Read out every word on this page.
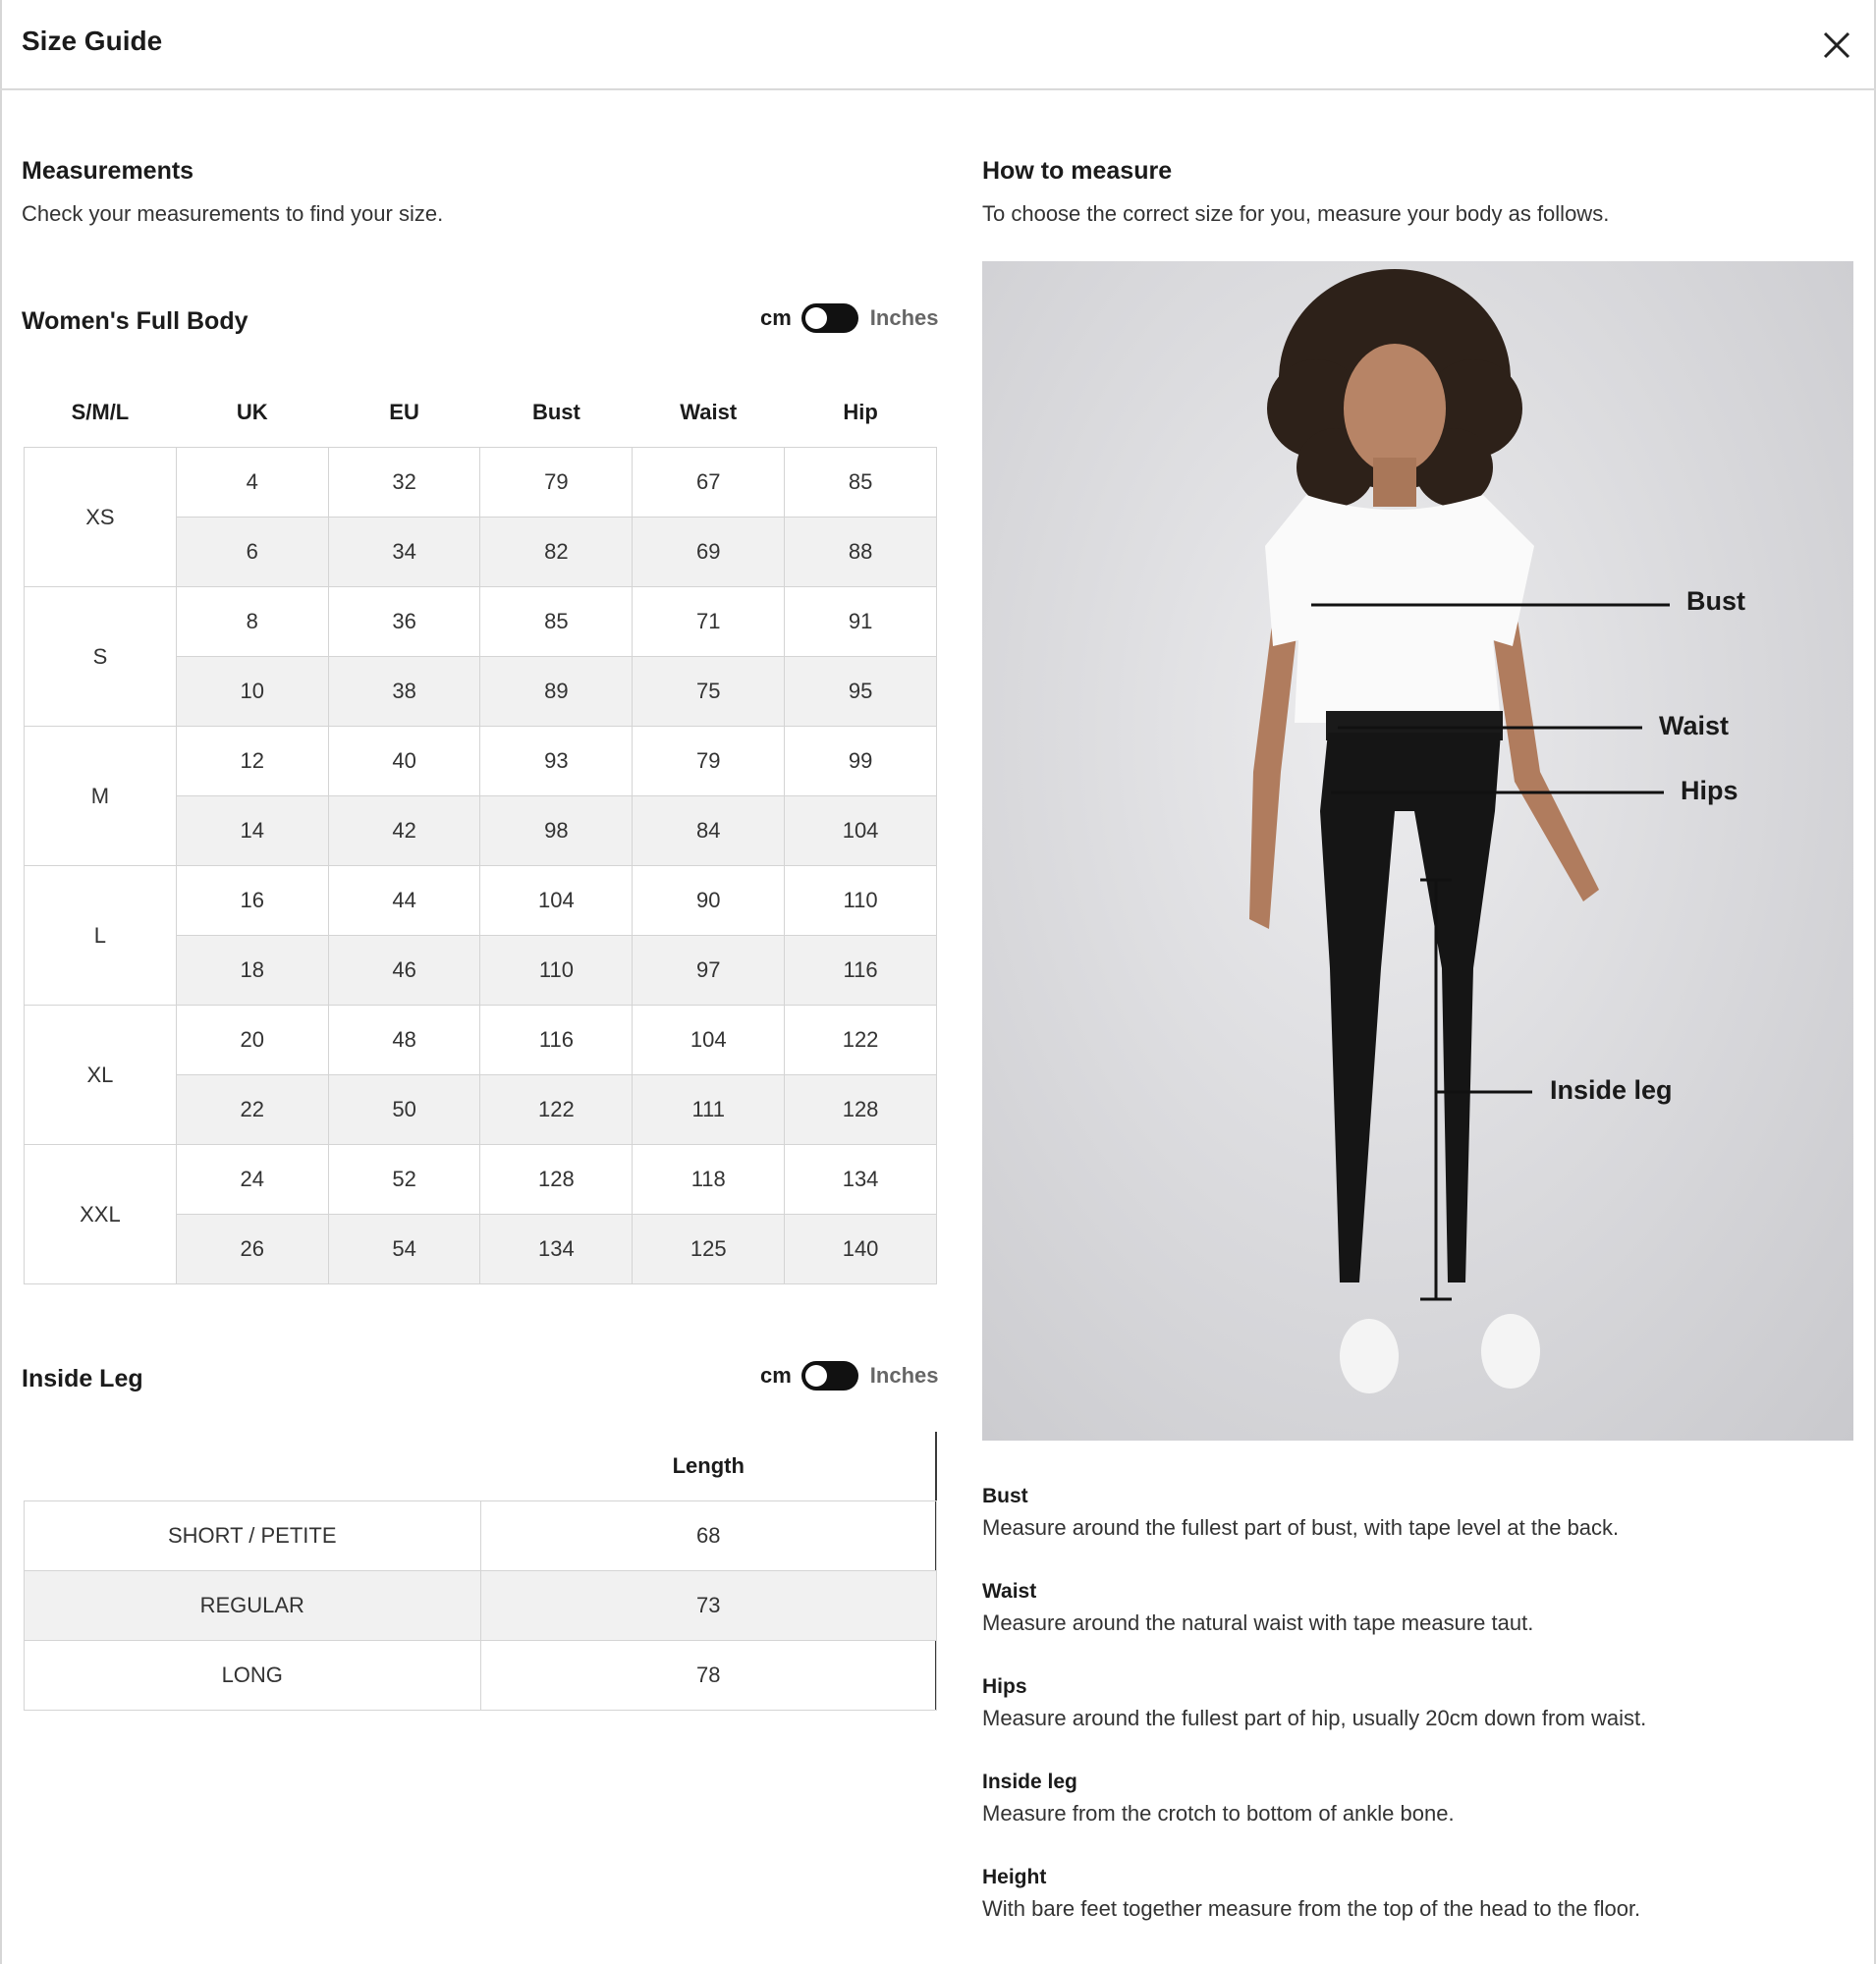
Size Guide
Measurements
Check your measurements to find your size.
Women's Full Body	cm	Inches
S/M/L	UK	EU	Bust	Waist	Hip
XS	4	32	79	67	85
	6	34	82	69	88
S	8	36	85	71	91
	10	38	89	75	95
M	12	40	93	79	99
	14	42	98	84	104
L	16	44	104	90	110
	18	46	110	97	116
XL	20	48	116	104	122
	22	50	122	111	128
XXL	24	52	128	118	134
	26	54	134	125	140
Inside Leg	cm	Inches
	Length
SHORT / PETITE	68
REGULAR	73
LONG	78
How to measure
To choose the correct size for you, measure your body as follows.
Bust
Waist
Hips
Inside leg
Bust
Measure around the fullest part of bust, with tape level at the back.
Waist
Measure around the natural waist with tape measure taut.
Hips
Measure around the fullest part of hip, usually 20cm down from waist.
Inside leg
Measure from the crotch to bottom of ankle bone.
Height
With bare feet together measure from the top of the head to the floor.
